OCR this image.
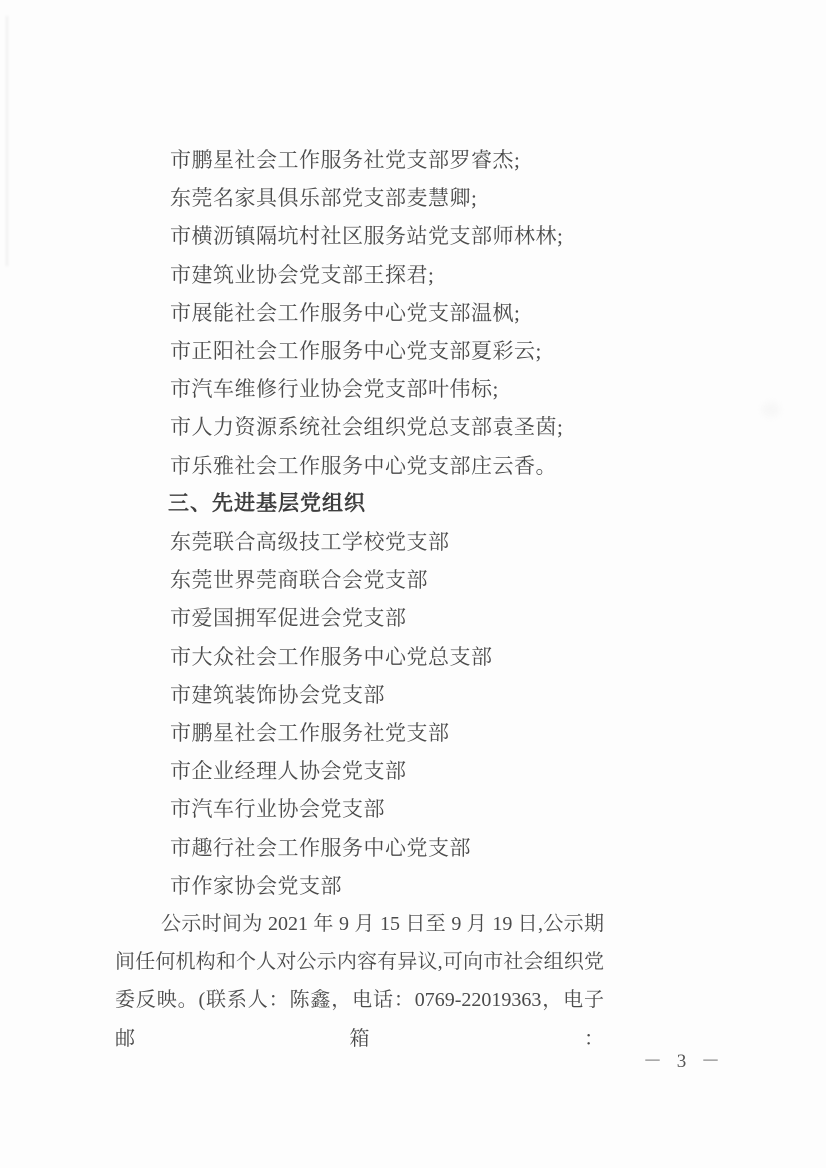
市鹏星社会工作服务社党支部罗睿杰;
东莞名家具俱乐部党支部麦慧卿;
市横沥镇隔坑村社区服务站党支部师林林;
市建筑业协会党支部王探君;
市展能社会工作服务中心党支部温枫;
市正阳社会工作服务中心党支部夏彩云;
市汽车维修行业协会党支部叶伟标;
市人力资源系统社会组织党总支部袁圣茵;
市乐雅社会工作服务中心党支部庄云香。
三、先进基层党组织
东莞联合高级技工学校党支部
东莞世界莞商联合会党支部
市爱国拥军促进会党支部
市大众社会工作服务中心党总支部
市建筑装饰协会党支部
市鹏星社会工作服务社党支部
市企业经理人协会党支部
市汽车行业协会党支部
市趣行社会工作服务中心党支部
市作家协会党支部
公示时间为 2021 年 9 月 15 日至 9 月 19 日,公示期间任何机构和个人对公示内容有异议,可向市社会组织党委反映。(联系人：陈鑫，电话：0769-22019363，电子邮箱：
－ 3 －
